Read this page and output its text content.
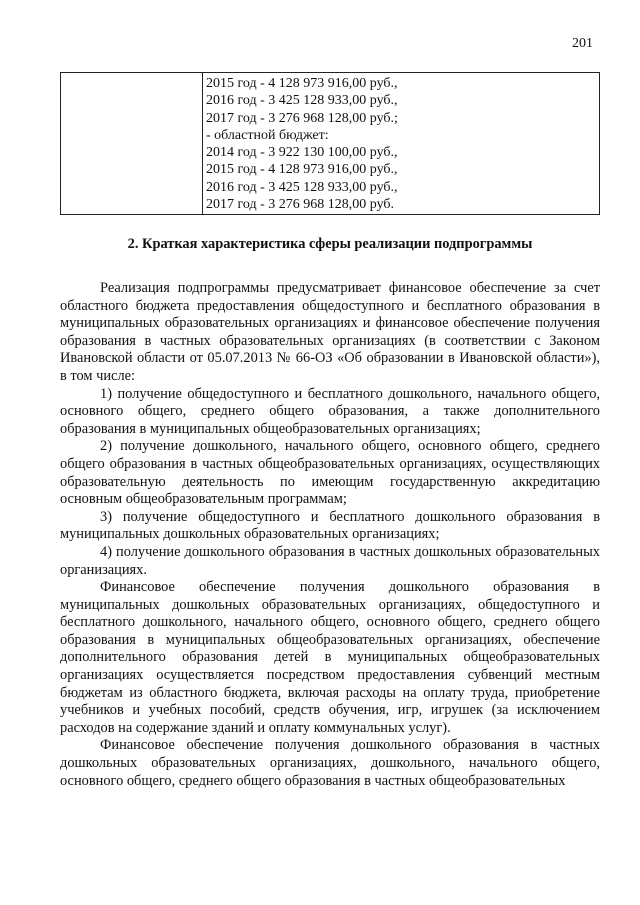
201

2015 год - 4 128 973 916,00 руб.,
2016 год - 3 425 128 933,00 руб.,
2017 год - 3 276 968 128,00 руб.;
- областной бюджет:
2014 год - 3 922 130 100,00 руб.,
2015 год - 4 128 973 916,00 руб.,
2016 год - 3 425 128 933,00 руб.,
2017 год - 3 276 968 128,00 руб.
2. Краткая характеристика сферы реализации подпрограммы

Реализация подпрограммы предусматривает финансовое обеспечение за счет областного бюджета предоставления общедоступного и бесплатного образования в муниципальных образовательных организациях и финансовое обеспечение получения образования в частных образовательных организациях (в соответствии с Законом Ивановской области от 05.07.2013 № 66-ОЗ «Об образовании в Ивановской области»), в том числе:

1) получение общедоступного и бесплатного дошкольного, начального общего, основного общего, среднего общего образования, а также дополнительного образования в муниципальных общеобразовательных организациях;

2) получение дошкольного, начального общего, основного общего, среднего общего образования в частных общеобразовательных организациях, осуществляющих образовательную деятельность по имеющим государственную аккредитацию основным общеобразовательным программам;

3) получение общедоступного и бесплатного дошкольного образования в муниципальных дошкольных образовательных организациях;

4) получение дошкольного образования в частных дошкольных образовательных организациях.

Финансовое обеспечение получения дошкольного образования в муниципальных дошкольных образовательных организациях, общедоступного и бесплатного дошкольного, начального общего, основного общего, среднего общего образования в муниципальных общеобразовательных организациях, обеспечение дополнительного образования детей в муниципальных общеобразовательных организациях осуществляется посредством предоставления субвенций местным бюджетам из областного бюджета, включая расходы на оплату труда, приобретение учебников и учебных пособий, средств обучения, игр, игрушек (за исключением расходов на содержание зданий и оплату коммунальных услуг).

Финансовое обеспечение получения дошкольного образования в частных дошкольных образовательных организациях, дошкольного, начального общего, основного общего, среднего общего образования в частных общеобразовательных
